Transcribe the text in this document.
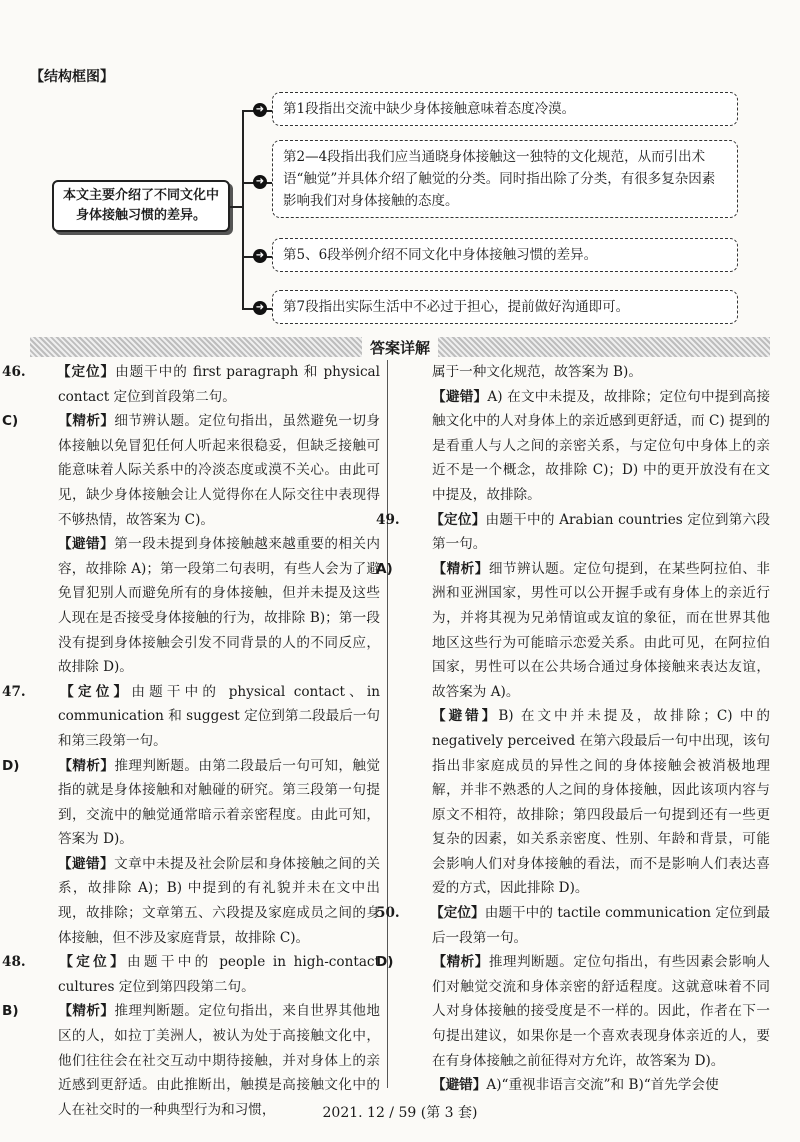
【结构框图】
本文主要介绍了不同文化中身体接触习惯的差异。
➜	第1段指出交流中缺少身体接触意味着态度冷漠。
➜
第2—4段指出我们应当通晓身体接触这一独特的文化规范，从而引出术语“触觉”并具体介绍了触觉的分类。同时指出除了分类，有很多复杂因素影响我们对身体接触的态度。
➜	第5、6段举例介绍不同文化中身体接触习惯的差异。
➜	第7段指出实际生活中不必过于担心，提前做好沟通即可。
答案详解

46. 【定位】由题干中的 first paragraph 和 physical contact 定位到首段第二句。

C)	【精析】细节辨认题。定位句指出，虽然避免一切身体接触以免冒犯任何人听起来很稳妥，但缺乏接触可能意味着人际关系中的冷淡态度或漠不关心。由此可见，缺少身体接触会让人觉得你在人际交往中表现得不够热情，故答案为 C)。

【避错】第一段未提到身体接触越来越重要的相关内容，故排除 A)；第一段第二句表明，有些人会为了避免冒犯别人而避免所有的身体接触，但并未提及这些人现在是否接受身体接触的行为，故排除 B)；第一段没有提到身体接触会引发不同背景的人的不同反应，故排除 D)。

47. 【定位】由题干中的 physical contact、in communication 和 suggest 定位到第二段最后一句和第三段第一句。

D)	【精析】推理判断题。由第二段最后一句可知，触觉指的就是身体接触和对触碰的研究。第三段第一句提到，交流中的触觉通常暗示着亲密程度。由此可知，答案为 D)。

【避错】文章中未提及社会阶层和身体接触之间的关系，故排除 A)；B) 中提到的有礼貌并未在文中出现，故排除；文章第五、六段提及家庭成员之间的身体接触，但不涉及家庭背景，故排除 C)。

48. 【定位】由题干中的 people in high-contact cultures 定位到第四段第二句。

B)	【精析】推理判断题。定位句指出，来自世界其他地区的人，如拉丁美洲人，被认为处于高接触文化中，他们往往会在社交互动中期待接触，并对身体上的亲近感到更舒适。由此推断出，触摸是高接触文化中的人在社交时的一种典型行为和习惯，

属于一种文化规范，故答案为 B)。

【避错】A) 在文中未提及，故排除；定位句中提到高接触文化中的人对身体上的亲近感到更舒适，而 C) 提到的是看重人与人之间的亲密关系，与定位句中身体上的亲近不是一个概念，故排除 C)；D) 中的更开放没有在文中提及，故排除。

49. 【定位】由题干中的 Arabian countries 定位到第六段第一句。

A)	【精析】细节辨认题。定位句提到，在某些阿拉伯、非洲和亚洲国家，男性可以公开握手或有身体上的亲近行为，并将其视为兄弟情谊或友谊的象征，而在世界其他地区这些行为可能暗示恋爱关系。由此可见，在阿拉伯国家，男性可以在公共场合通过身体接触来表达友谊，故答案为 A)。

【避错】B) 在文中并未提及，故排除；C) 中的 negatively perceived 在第六段最后一句中出现，该句指出非家庭成员的异性之间的身体接触会被消极地理解，并非不熟悉的人之间的身体接触，因此该项内容与原文不相符，故排除；第四段最后一句提到还有一些更复杂的因素，如关系亲密度、性别、年龄和背景，可能会影响人们对身体接触的看法，而不是影响人们表达喜爱的方式，因此排除 D)。

50. 【定位】由题干中的 tactile communication 定位到最后一段第一句。

D)	【精析】推理判断题。定位句指出，有些因素会影响人们对触觉交流和身体亲密的舒适程度。这就意味着不同人对身体接触的接受度是不一样的。因此，作者在下一句提出建议，如果你是一个喜欢表现身体亲近的人，要在有身体接触之前征得对方允许，故答案为 D)。

【避错】A)“重视非语言交流”和 B)“首先学会使

2021. 12 / 59 (第 3 套)
